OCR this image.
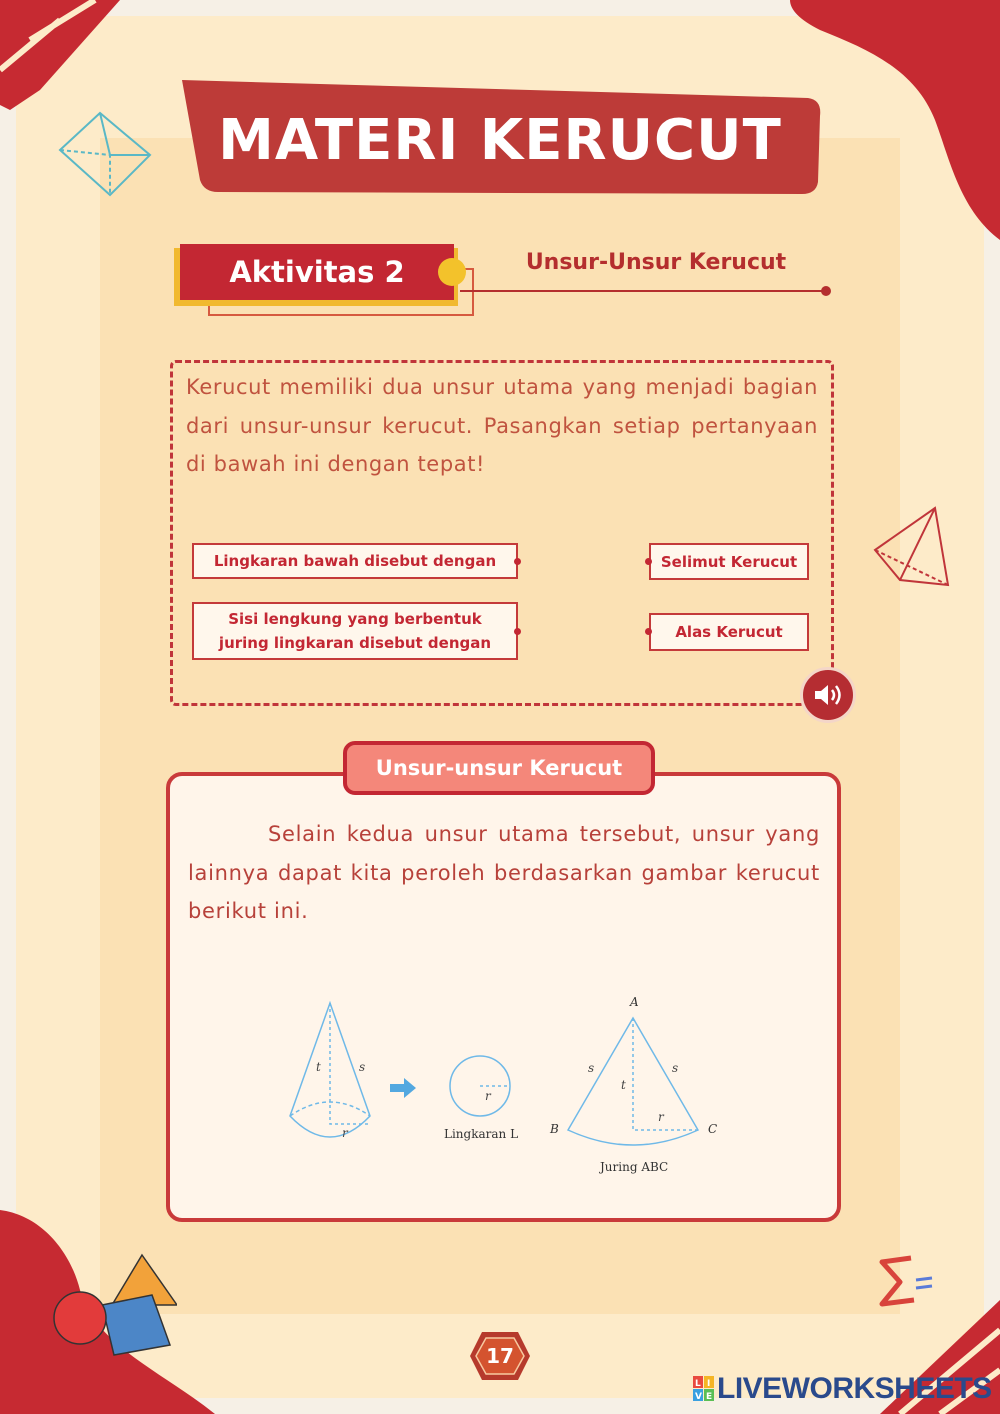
MATERI KERUCUT
Aktivitas 2	Unsur-Unsur Kerucut
Kerucut memiliki dua unsur utama yang menjadi bagian dari unsur-unsur kerucut. Pasangkan setiap pertanyaan di bawah ini dengan tepat!
Lingkaran bawah disebut dengan
Sisi lengkung yang berbentuk juring lingkaran disebut dengan
Selimut Kerucut
Alas Kerucut
Unsur-unsur Kerucut
Selain kedua unsur utama tersebut, unsur yang lainnya dapat kita peroleh berdasarkan gambar kerucut berikut ini.
t	s
r
r
Lingkaran L
A
B	C
s	s
t
r
Juring ABC
17
L I
V E LIVEWORKSHEETS
